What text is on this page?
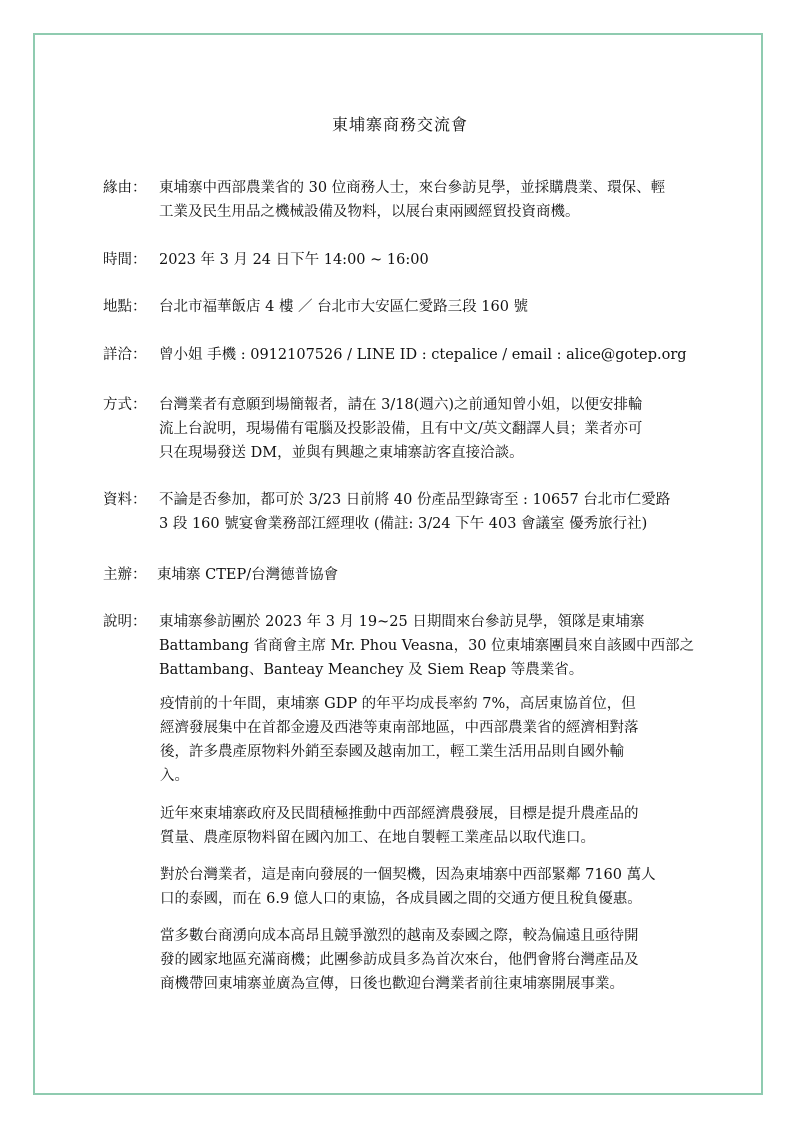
東埔寨商務交流會
緣由： 東埔寨中西部農業省的 30 位商務人士，來台參訪見學，並採購農業、環保、輕
工業及民生用品之機械設備及物料，以展台東兩國經貿投資商機。
時間： 2023 年 3 月 24 日下午 14:00 ~ 16:00
地點： 台北市福華飯店 4 樓 ／ 台北市大安區仁愛路三段 160 號
詳洽： 曾小姐 手機 : 0912107526 / LINE ID : ctepalice / email : alice@gotep.org
方式： 台灣業者有意願到場簡報者，請在 3/18(週六)之前通知曾小姐，以便安排輪
流上台說明，現場備有電腦及投影設備，且有中文/英文翻譯人員；業者亦可
只在現場發送 DM，並與有興趣之東埔寨訪客直接洽談。
資料： 不論是否參加，都可於 3/23 日前將 40 份產品型錄寄至 : 10657 台北市仁愛路
3 段 160 號宴會業務部江經理收 (備註: 3/24 下午 403 會議室 優秀旅行社)
主辦： 東埔寨 CTEP/台灣德普協會
說明： 東埔寨參訪團於 2023 年 3 月 19~25 日期間來台參訪見學，領隊是東埔寨
Battambang 省商會主席 Mr. Phou Veasna，30 位東埔寨團員來自該國中西部之
Battambang、Banteay Meanchey 及 Siem Reap 等農業省。
疫情前的十年間，東埔寨 GDP 的年平均成長率約 7%，高居東協首位，但
經濟發展集中在首都金邊及西港等東南部地區，中西部農業省的經濟相對落
後，許多農產原物料外銷至泰國及越南加工，輕工業生活用品則自國外輸
入。
近年來東埔寨政府及民間積極推動中西部經濟農發展，目標是提升農產品的
質量、農產原物料留在國內加工、在地自製輕工業產品以取代進口。
對於台灣業者，這是南向發展的一個契機，因為東埔寨中西部緊鄰 7160 萬人
口的泰國，而在 6.9 億人口的東協，各成員國之間的交通方便且稅負優惠。
當多數台商湧向成本高昂且競爭激烈的越南及泰國之際，較為偏遠且亟待開
發的國家地區充滿商機；此團參訪成員多為首次來台，他們會將台灣產品及
商機帶回東埔寨並廣為宣傳，日後也歡迎台灣業者前往東埔寨開展事業。
